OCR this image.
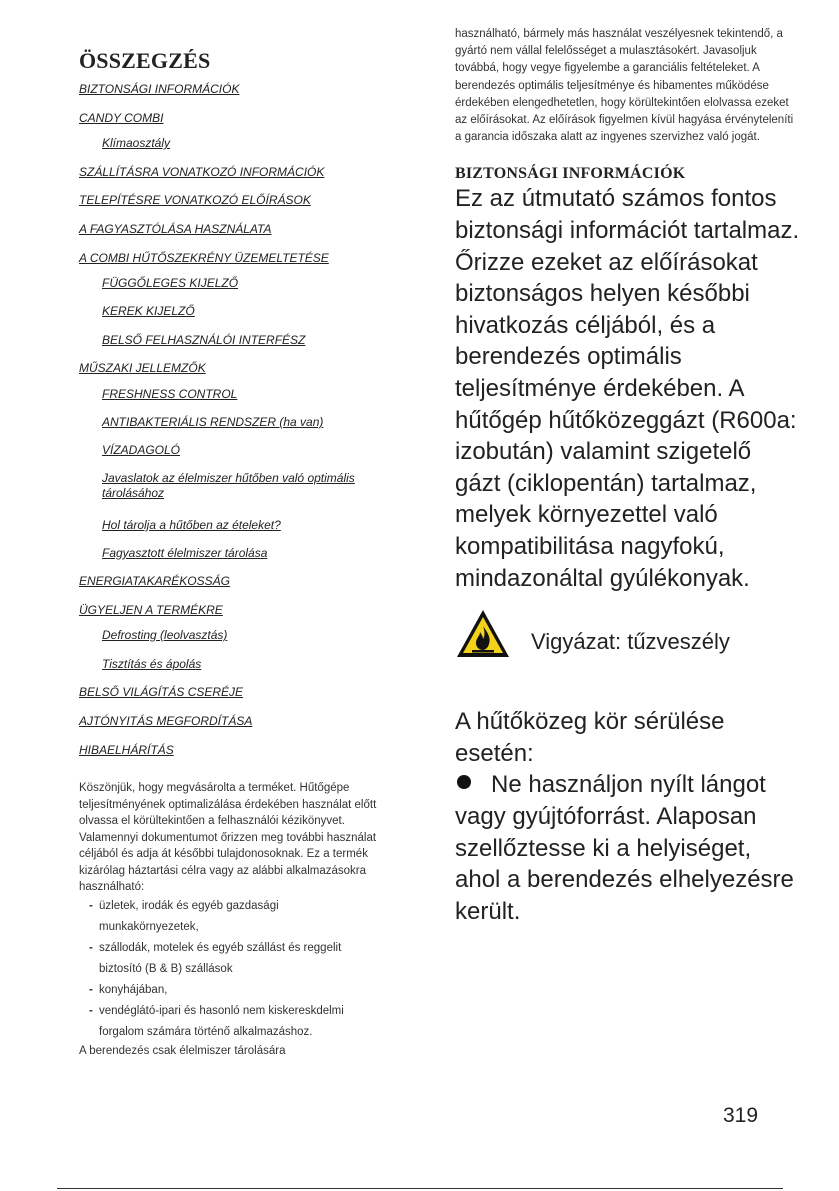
ÖSSZEGZÉS
BIZTONSÁGI INFORMÁCIÓK
CANDY COMBI
Klímaosztály
SZÁLLÍTÁSRA VONATKOZÓ INFORMÁCIÓK
TELEPÍTÉSRE VONATKOZÓ ELŐÍRÁSOK
A FAGYASZTÓLÁSA HASZNÁLATA
A COMBI HŰTŐSZEKRÉNY ÜZEMELTETÉSE
FÜGGŐLEGES KIJELZŐ
KEREK KIJELZŐ
BELSŐ FELHASZNÁLÓI INTERFÉSZ
MŰSZAKI JELLEMZŐK
FRESHNESS CONTROL
ANTIBAKTERIÁLIS RENDSZER (ha van)
VÍZADAGOLÓ
Javaslatok az élelmiszer hűtőben való optimális tárolásához
Hol tárolja a hűtőben az ételeket?
Fagyasztott élelmiszer tárolása
ENERGIATAKARÉKOSSÁG
ÜGYELJEN A TERMÉKRE
Defrosting (leolvasztás)
Tisztítás és ápolás
BELSŐ VILÁGÍTÁS CSERÉJE
AJTÓNYITÁS MEGFORDÍTÁSA
HIBAELHÁRÍTÁS

Köszönjük, hogy megvásárolta a terméket. Hűtőgépe teljesítményének optimalizálása érdekében használat előtt olvassa el körültekintően a felhasználói kézikönyvet. Valamennyi dokumentumot őrizzen meg további használat céljából és adja át későbbi tulajdonosoknak. Ez a termék kizárólag háztartási célra vagy az alábbi alkalmazásokra használható:

- üzletek, irodák és egyéb gazdasági munkakörnyezetek,
- szállodák, motelek és egyéb szállást és reggelit biztosító (B & B) szállások
- konyhájában,
- vendéglátó-ipari és hasonló nem kiskereskdelmi forgalom számára történő alkalmazáshoz.

A berendezés csak élelmiszer tárolására

használható, bármely más használat veszélyesnek tekintendő, a gyártó nem vállal felelősséget a mulasztásokért. Javasoljuk továbbá, hogy vegye figyelembe a garanciális feltételeket. A berendezés optimális teljesítménye és hibamentes működése érdekében elengedhetetlen, hogy körültekintően elolvassa ezeket az előírásokat. Az előírások figyelmen kívül hagyása érvényteleníti a garancia időszaka alatt az ingyenes szervizhez való jogát.

BIZTONSÁGI INFORMÁCIÓK

Ez az útmutató számos fontos biztonsági információt tartalmaz. Őrizze ezeket az előírásokat biztonságos helyen későbbi hivatkozás céljából, és a berendezés optimális teljesítménye érdekében. A hűtőgép hűtőközeggázt (R600a: izobután) valamint szigetelő gázt (ciklopentán) tartalmaz, melyek környezettel való kompatibilitása nagyfokú, mindazonáltal gyúlékonyak.

Vigyázat: tűzveszély

A hűtőközeg kör sérülése esetén:

Ne használjon nyílt lángot vagy gyújtóforrást. Alaposan szellőztesse ki a helyiséget, ahol a berendezés elhelyezésre került.

319
